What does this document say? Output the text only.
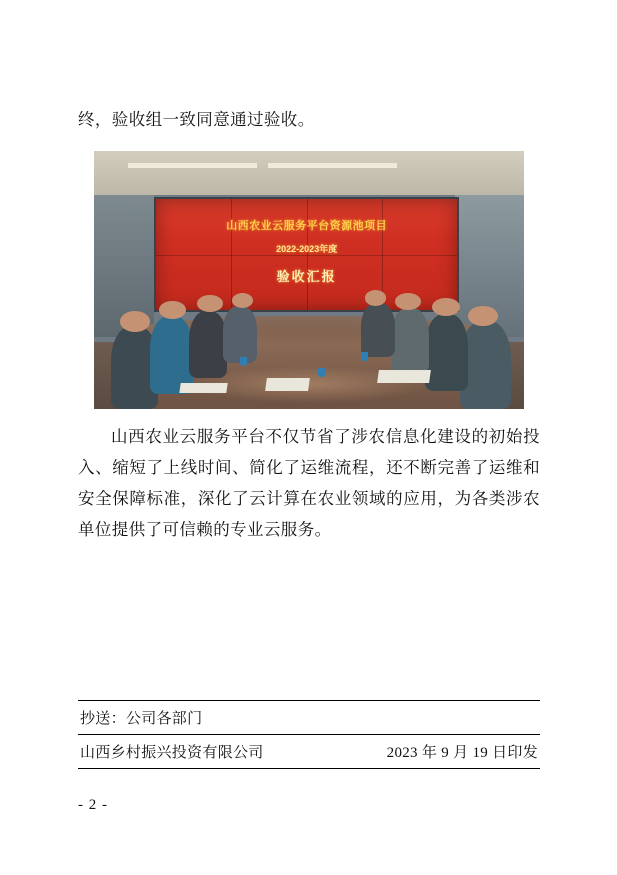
终，验收组一致同意通过验收。

山西农业云服务平台资源池项目
2022-2023年度
验收汇报

山西农业云服务平台不仅节省了涉农信息化建设的初始投入、缩短了上线时间、简化了运维流程，还不断完善了运维和安全保障标准，深化了云计算在农业领域的应用，为各类涉农单位提供了可信赖的专业云服务。

抄送：公司各部门
山西乡村振兴投资有限公司	2023 年 9 月 19 日印发
- 2 -
